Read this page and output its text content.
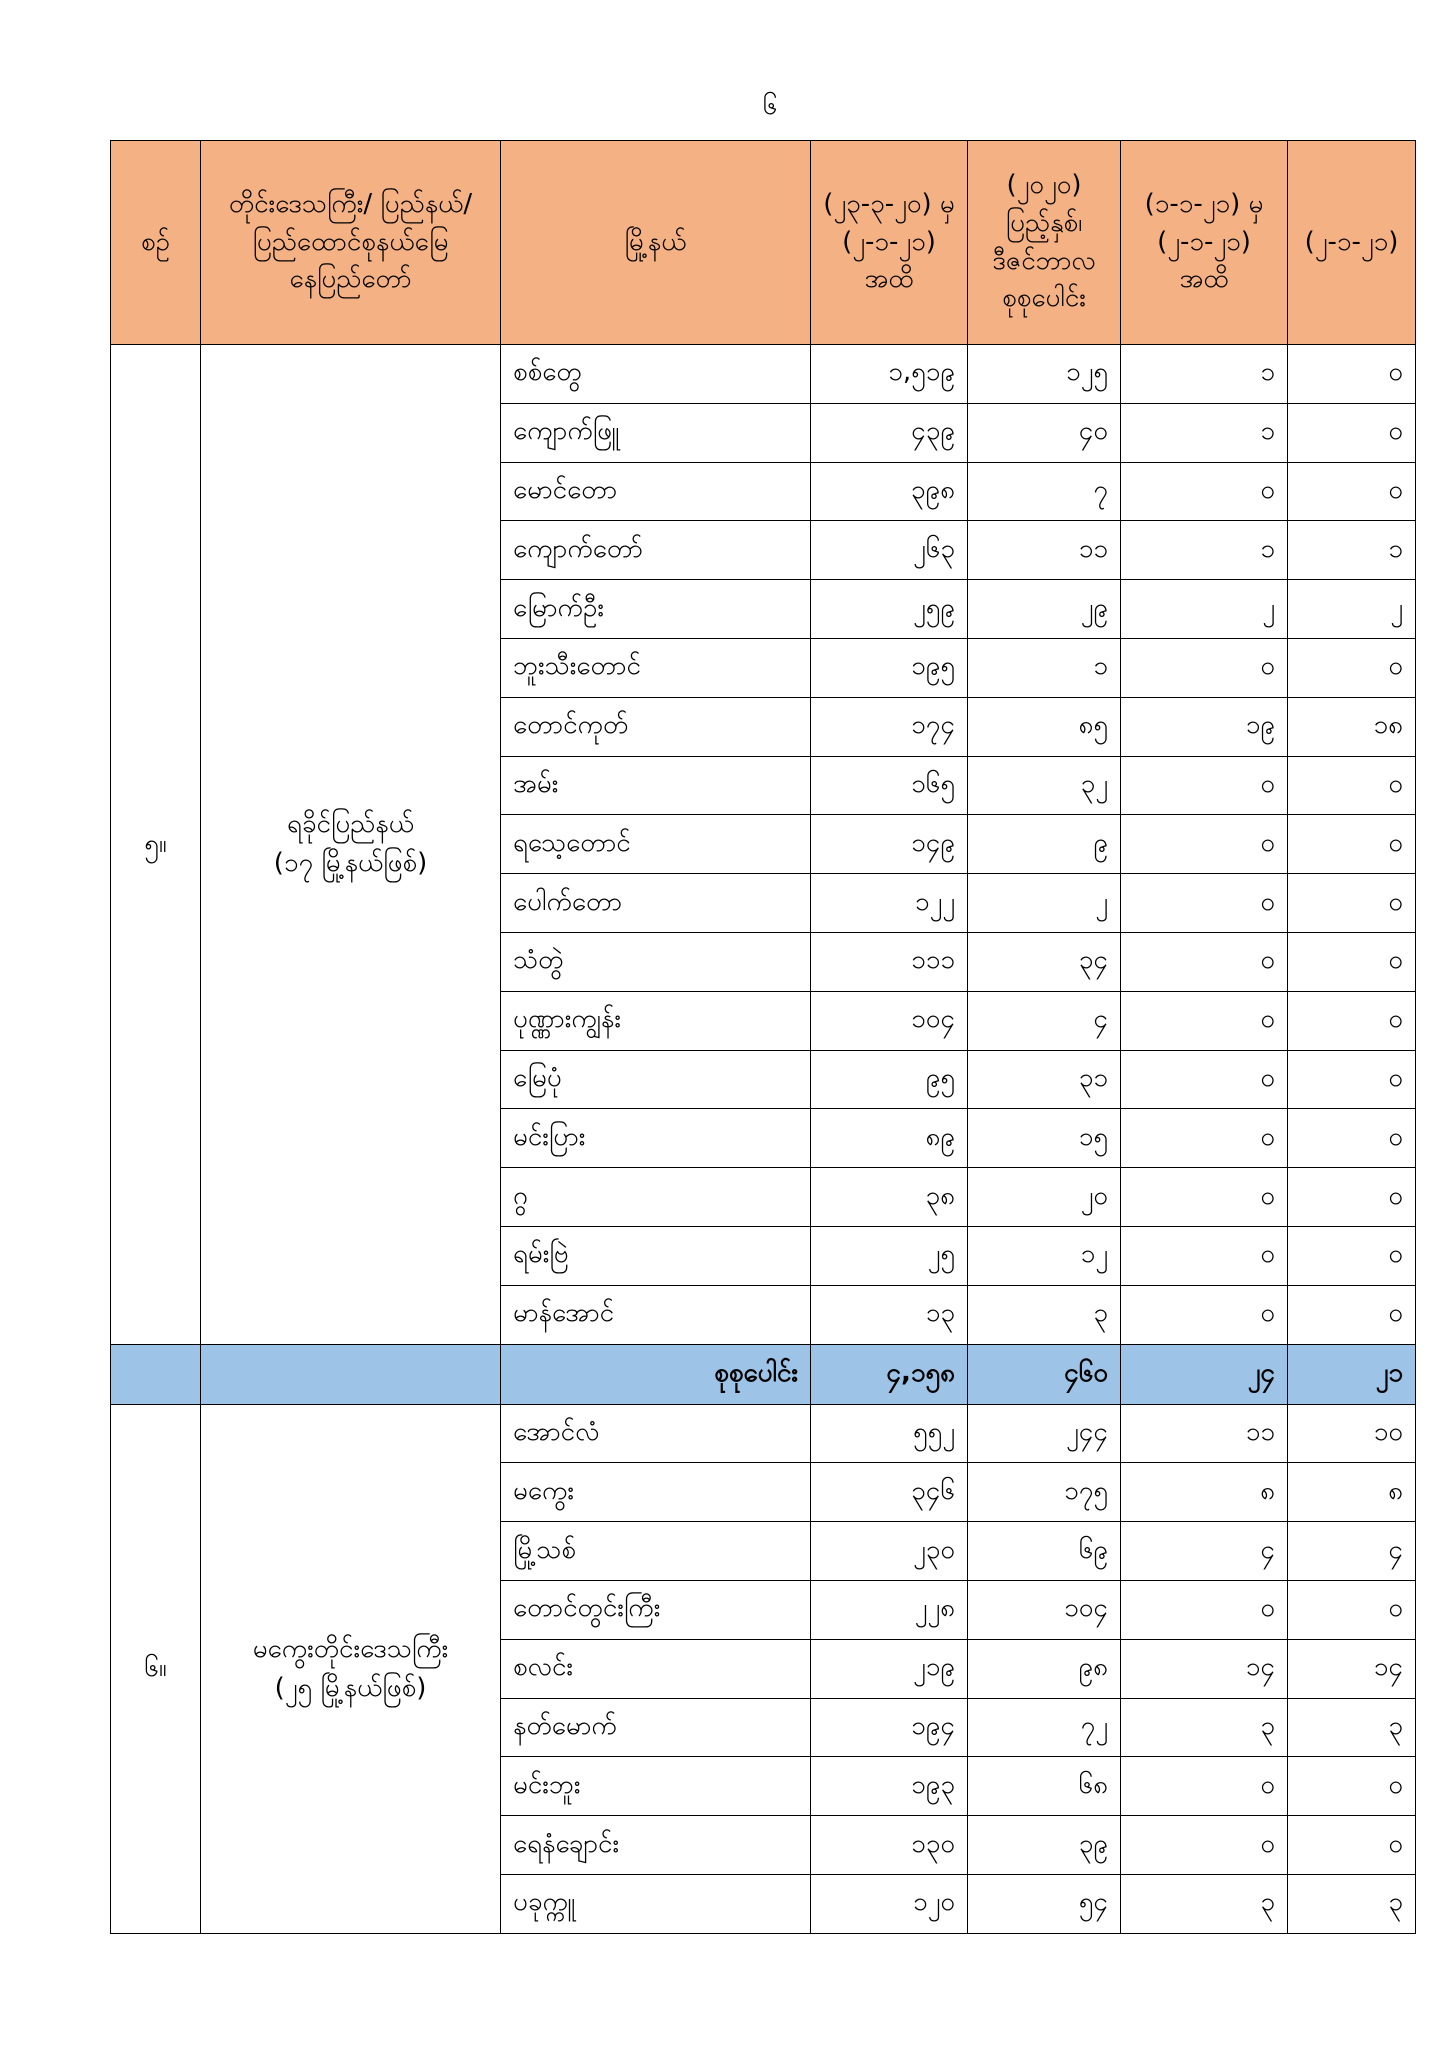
၆
စဉ်	တိုင်းဒေသကြီး/ ပြည်နယ်/
ပြည်ထောင်စုနယ်မြေ
နေပြည်တော်	မြို့နယ်	(၂၃-၃-၂၀) မှ
(၂-၁-၂၁)
အထိ	(၂၀၂၀)
ပြည့်နှစ်၊
ဒီဇင်ဘာလ
စုစုပေါင်း	(၁-၁-၂၁) မှ
(၂-၁-၂၁)
အထိ	(၂-၁-၂၁)
၅။	ရခိုင်ပြည်နယ်
(၁၇ မြို့နယ်ဖြစ်)	စစ်တွေ	၁,၅၁၉	၁၂၅	၁	၀
		ကျောက်ဖြူ	၄၃၉	၄၀	၁	၀
		မောင်တော	၃၉၈	၇	၀	၀
		ကျောက်တော်	၂၆၃	၁၁	၁	၁
		မြောက်ဦး	၂၅၉	၂၉	၂	၂
		ဘူးသီးတောင်	၁၉၅	၁	၀	၀
		တောင်ကုတ်	၁၇၄	၈၅	၁၉	၁၈
		အမ်း	၁၆၅	၃၂	၀	၀
		ရသေ့တောင်	၁၄၉	၉	၀	၀
		ပေါက်တော	၁၂၂	၂	၀	၀
		သံတွဲ	၁၁၁	၃၄	၀	၀
		ပုဏ္ဏားကျွန်း	၁၀၄	၄	၀	၀
		မြေပုံ	၉၅	၃၁	၀	၀
		မင်းပြား	၈၉	၁၅	၀	၀
		ဂွ	၃၈	၂၀	၀	၀
		ရမ်းဗြဲ	၂၅	၁၂	၀	၀
		မာန်အောင်	၁၃	၃	၀	၀
		စုစုပေါင်း	၄,၁၅၈	၄၆၀	၂၄	၂၁
၆။	မကွေးတိုင်းဒေသကြီး
(၂၅ မြို့နယ်ဖြစ်)	အောင်လံ	၅၅၂	၂၄၄	၁၁	၁၀
		မကွေး	၃၄၆	၁၇၅	၈	၈
		မြို့သစ်	၂၃၀	၆၉	၄	၄
		တောင်တွင်းကြီး	၂၂၈	၁၀၄	၀	၀
		စလင်း	၂၁၉	၉၈	၁၄	၁၄
		နတ်မောက်	၁၉၄	၇၂	၃	၃
		မင်းဘူး	၁၉၃	၆၈	၀	၀
		ရေနံချောင်း	၁၃၀	၃၉	၀	၀
		ပခုက္ကူ	၁၂၀	၅၄	၃	၃
